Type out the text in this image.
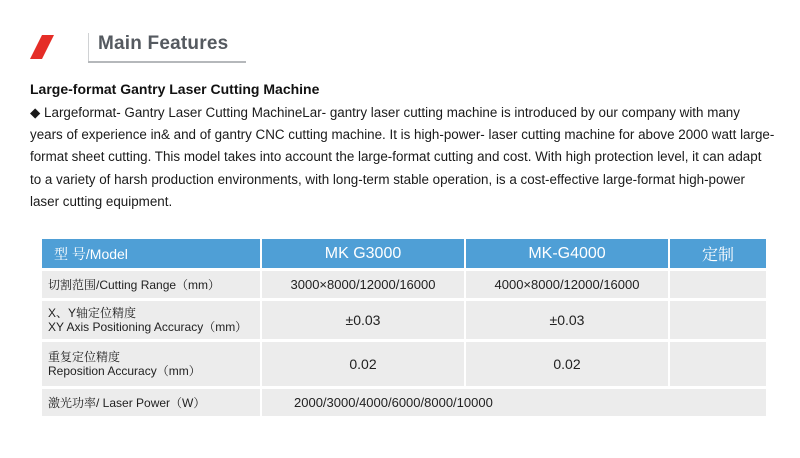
Main Features
Large-format Gantry Laser Cutting Machine
◆ Largeformat- Gantry Laser Cutting MachineLar- gantry laser cutting machine is introduced by our company with many years of experience in& and of gantry CNC cutting machine. It is high-power- laser cutting machine for above 2000 watt large-format sheet cutting. This model takes into account the large-format cutting and cost. With high protection level, it can adapt to a variety of harsh production environments, with long-term stable operation, is a cost-effective large-format high-power laser cutting equipment.
型 号/Model	MK G3000	MK-G4000	定制

切割范围/Cutting Range（mm）	3000×8000/12000/16000	4000×8000/12000/16000	

X、Y轴定位精度
XY Axis Positioning Accuracy（mm）	±0.03	±0.03	

重复定位精度
Reposition Accuracy（mm）	0.02	0.02	

激光功率/ Laser Power（W）	2000/3000/4000/6000/8000/10000		
